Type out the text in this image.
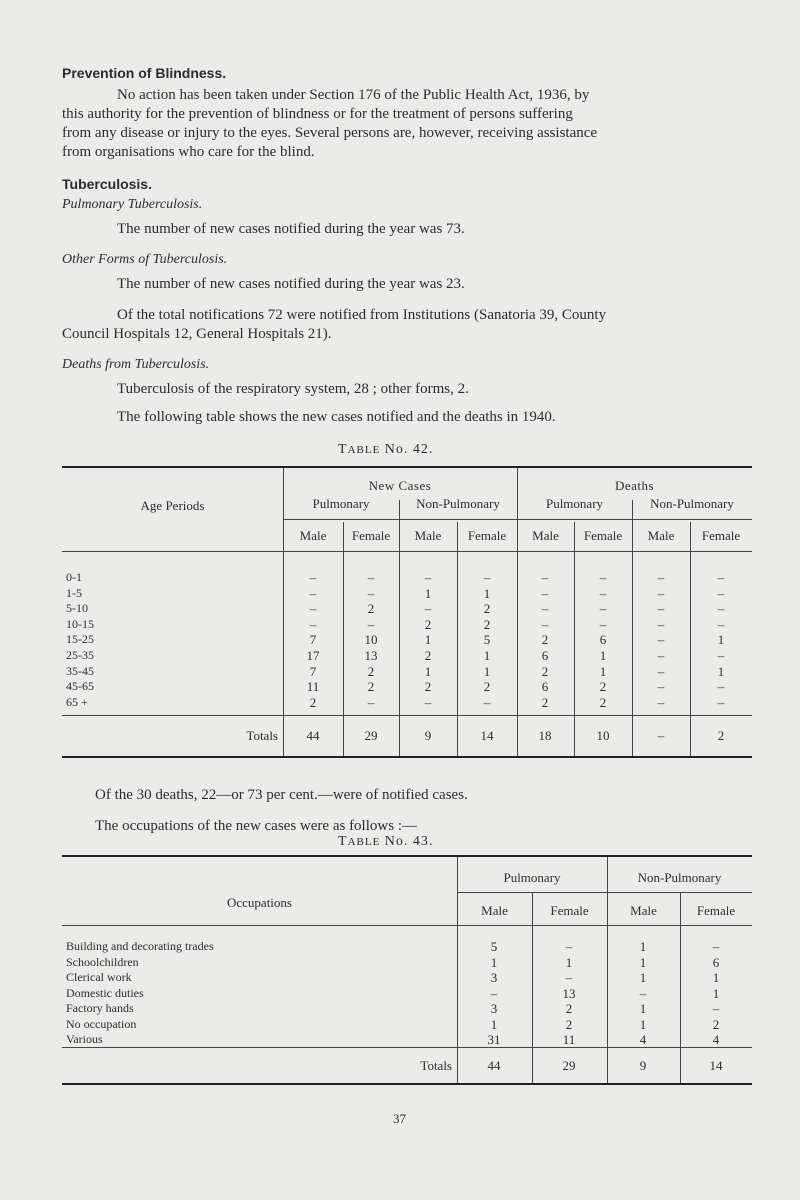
Prevention of Blindness.
No action has been taken under Section 176 of the Public Health Act, 1936, by
this authority for the prevention of blindness or for the treatment of persons suffering
from any disease or injury to the eyes. Several persons are, however, receiving assistance
from organisations who care for the blind.
Tuberculosis.
Pulmonary Tuberculosis.
The number of new cases notified during the year was 73.
Other Forms of Tuberculosis.
The number of new cases notified during the year was 23.
Of the total notifications 72 were notified from Institutions (Sanatoria 39, County
Council Hospitals 12, General Hospitals 21).
Deaths from Tuberculosis.
Tuberculosis of the respiratory system, 28 ; other forms, 2.
The following table shows the new cases notified and the deaths in 1940.
TABLE No. 42.
Age Periods
New Cases	Deaths
Pulmonary	Non-Pulmonary	Pulmonary	Non-Pulmonary
Male	Female	Male	Female	Male	Female	Male	Female
0-1	–	–	–	–	–	–	–	–
1-5	–	–	1	1	–	–	–	–
5-10	–	2	–	2	–	–	–	–
10-15	–	–	2	2	–	–	–	–
15-25	7	10	1	5	2	6	–	1
25-35	17	13	2	1	6	1	–	–
35-45	7	2	1	1	2	1	–	1
45-65	11	2	2	2	6	2	–	–
65 +	2	–	–	–	2	2	–	–
Totals	44	29	9	14	18	10	–	2
Of the 30 deaths, 22—or 73 per cent.—were of notified cases.
The occupations of the new cases were as follows :—
TABLE No. 43.
Occupations
Pulmonary	Non-Pulmonary
Male	Female	Male	Female
Building and decorating trades	5	–	1	–
Schoolchildren	1	1	1	6
Clerical work	3	–	1	1
Domestic duties	–	13	–	1
Factory hands	3	2	1	–
No occupation	1	2	1	2
Various	31	11	4	4
Totals	44	29	9	14
37
